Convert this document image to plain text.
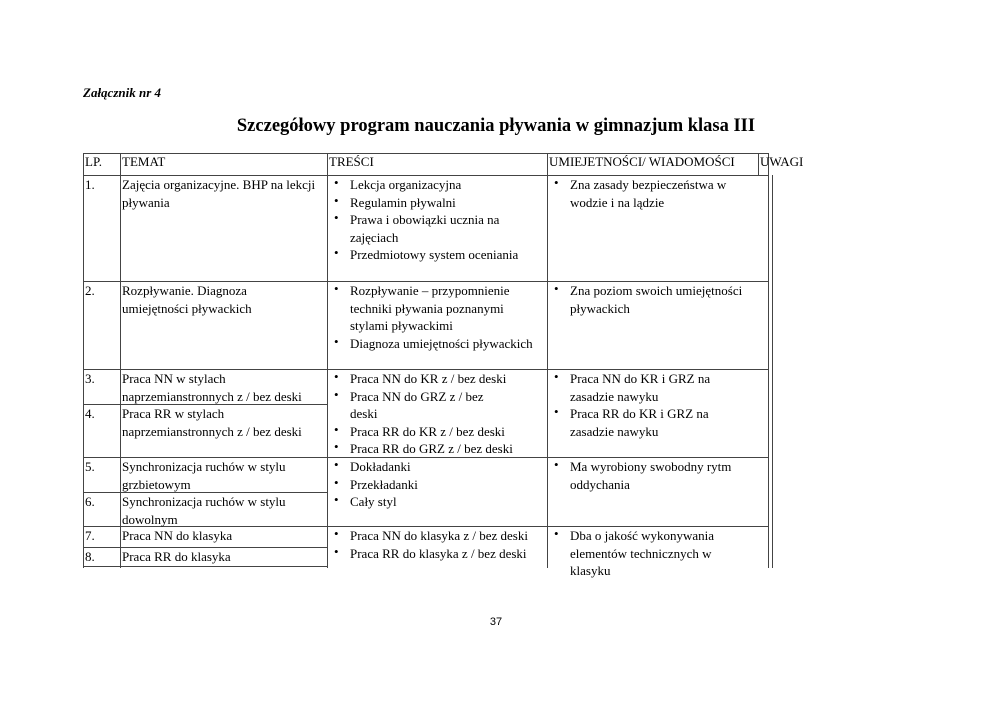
Załącznik nr 4
Szczegółowy program nauczania pływania w gimnazjum klasa III
LP. TEMAT	TREŚCI	UMIEJETNOŚCI/ WIADOMOŚCI UWAGI
1.
2.
3.
4.
5.
6.
7.
8.
Zajęcia organizacyjne. BHP na lekcji pływania
Rozpływanie. Diagnoza umiejętności pływackich
Praca NN w stylach naprzemianstronnych z / bez deski
Praca RR w stylach naprzemianstronnych z / bez deski
Synchronizacja ruchów w stylu grzbietowym
Synchronizacja ruchów w stylu dowolnym
Praca NN do klasyka
Praca RR do klasyka
• Lekcja organizacyjna
• Regulamin pływalni
• Prawa i obowiązki ucznia na zajęciach
• Przedmiotowy system oceniania
• Rozpływanie – przypomnienie techniki pływania poznanymi stylami pływackimi
• Diagnoza umiejętności pływackich
• Praca NN do KR z / bez deski
• Praca NN do GRZ z / bez deski
• Praca RR do KR z / bez deski
• Praca RR do GRZ z / bez deski
• Dokładanki
• Przekładanki
• Cały styl
• Praca NN do klasyka z / bez deski
• Praca RR do klasyka z / bez deski
• Zna zasady bezpieczeństwa w wodzie i na lądzie
• Zna poziom swoich umiejętności pływackich
• Praca NN do KR i GRZ na zasadzie nawyku
• Praca RR do KR i GRZ na zasadzie nawyku
• Ma wyrobiony swobodny rytm oddychania
• Dba o jakość wykonywania elementów technicznych w klasyku
37
